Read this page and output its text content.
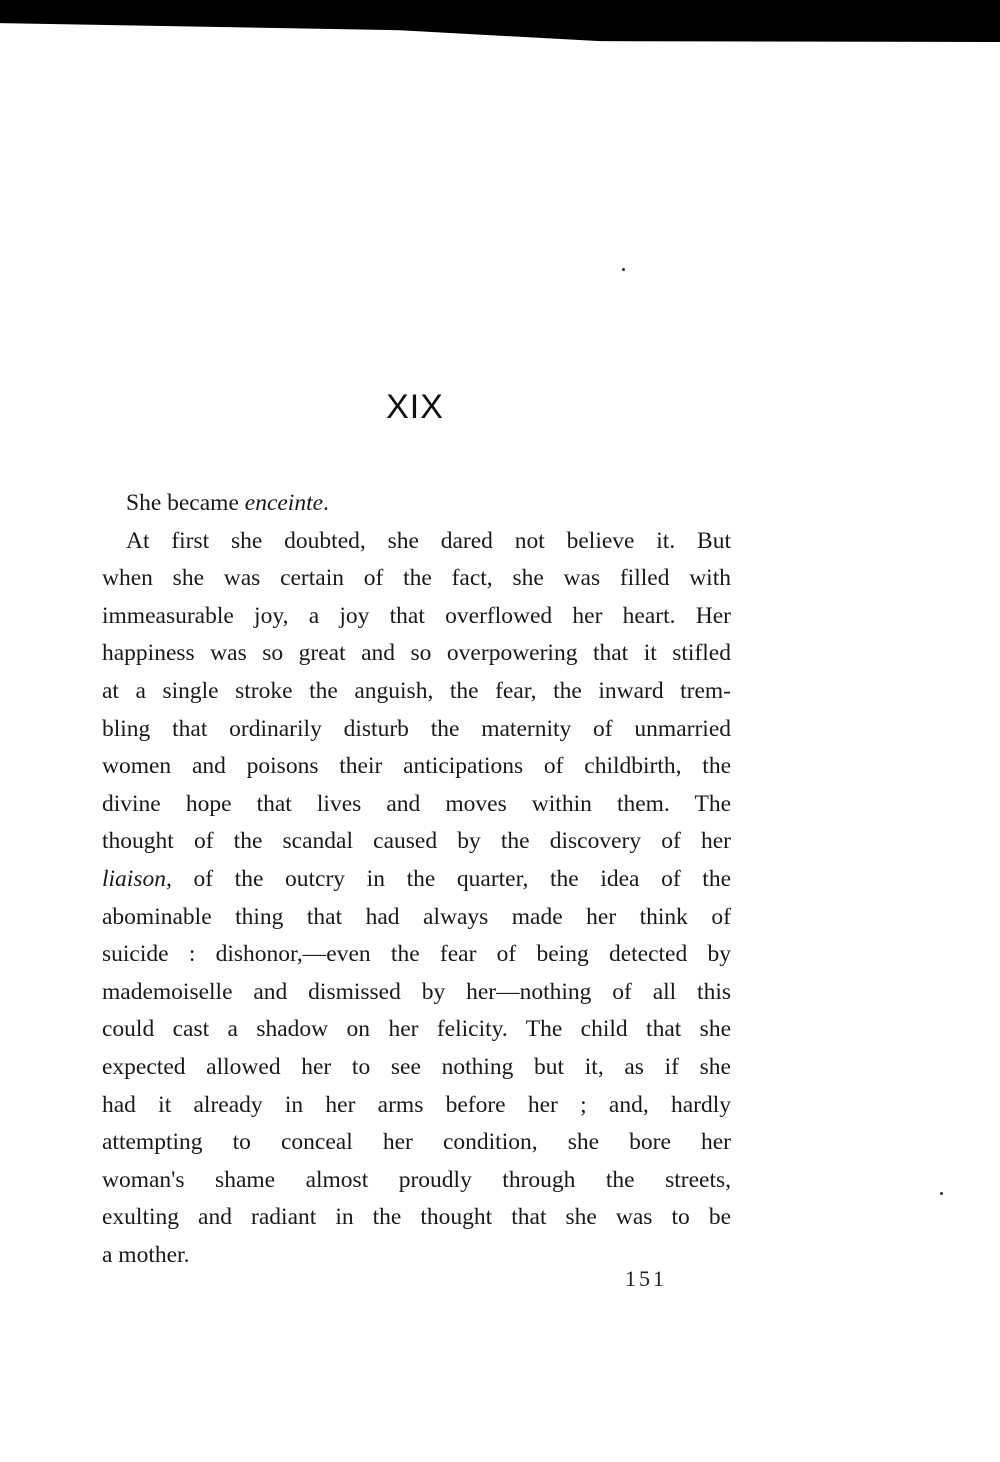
XIX
She became enceinte.
At first she doubted, she dared not believe it. But
when she was certain of the fact, she was filled with
immeasurable joy, a joy that overflowed her heart. Her
happiness was so great and so overpowering that it stifled
at a single stroke the anguish, the fear, the inward trem-
bling that ordinarily disturb the maternity of unmarried
women and poisons their anticipations of childbirth, the
divine hope that lives and moves within them. The
thought of the scandal caused by the discovery of her
liaison, of the outcry in the quarter, the idea of the
abominable thing that had always made her think of
suicide : dishonor,—even the fear of being detected by
mademoiselle and dismissed by her—nothing of all this
could cast a shadow on her felicity. The child that she
expected allowed her to see nothing but it, as if she
had it already in her arms before her ; and, hardly
attempting to conceal her condition, she bore her
woman's shame almost proudly through the streets,
exulting and radiant in the thought that she was to be
a mother.
151
